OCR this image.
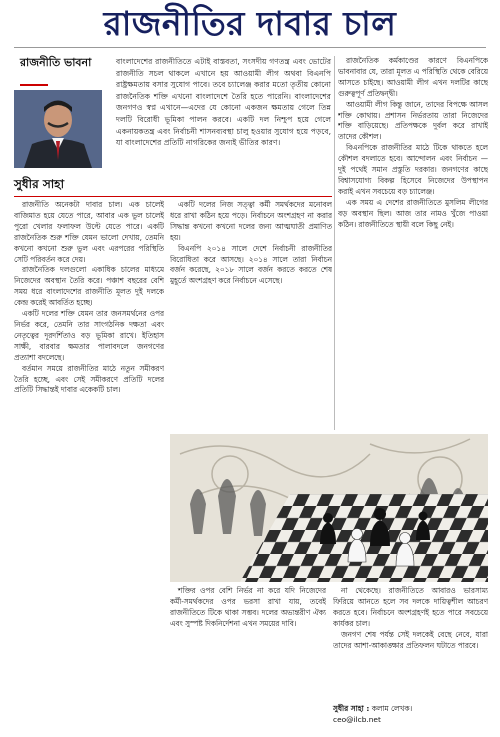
রাজনীতির দাবার চাল
রাজনীতি ভাবনা	বাংলাদেশের রাজনীতিতে এটাই বাস্তবতা, সংসদীয় গণতন্ত্র এবং ভোটের রাজনীতি সচল থাকলে এখানে হয় আওয়ামী লীগ অথবা বিএনপি রাষ্ট্রক্ষমতায় বসার সুযোগ পাবে। তবে চ্যালেঞ্জ করার মতো তৃতীয় কোনো রাজনৈতিক শক্তি এখনো বাংলাদেশে তৈরি হতে পারেনি। বাংলাদেশের জনগণও স্বপ্ন এখানে—এদের যে কোনো একজন ক্ষমতায় গেলে তিন্ন দলটি বিরোধী ভূমিকা পালন করবে। একটি দল নিশ্চুপ হয়ে গেলে একনায়কতন্ত্র এবং নির্বাচনী শাসনব্যবস্থা চালু হওয়ার সুযোগ হয়ে পড়বে, যা বাংলাদেশের প্রতিটি নাগরিকের জন্যই ভীতির কারণ।
সুধীর সাহা
রাজনীতি অনেকটা দাবার চাল। এক চালেই বাজিমাত হয়ে যেতে পারে, আবার এক ভুল চালেই পুরো খেলার ফলাফল উল্টে যেতে পারে। একটি রাজনৈতিক শুরু শক্তি যেমন ভালো দেখায়, তেমনি কখনো কখনো শুরু ভুল এবং এরপরের পরিস্থিতি সেটি পরিবর্তন করে দেয়।
রাজনৈতিক দলগুলো একাধিক চালের মাধ্যমে নিজেদের অবস্থান তৈরি করে। পঞ্চাশ বছরের বেশি সময় ধরে বাংলাদেশের রাজনীতি মূলত দুই দলকে কেন্দ্র করেই আবর্তিত হচ্ছে।
একটি দলের শক্তি যেমন তার জনসমর্থনের ওপর নির্ভর করে, তেমনি তার সাংগঠনিক দক্ষতা এবং নেতৃত্বের দূরদর্শিতাও বড় ভূমিকা রাখে। ইতিহাস সাক্ষী, বারবার ক্ষমতার পালাবদলে জনগণের প্রত্যাশা বদলেছে।
বর্তমান সময়ে রাজনীতির মাঠে নতুন সমীকরণ তৈরি হচ্ছে, এবং সেই সমীকরণে প্রতিটি দলের প্রতিটি সিদ্ধান্তই দাবার একেকটি চাল।
একটি দলের নিজ সত্ত্বা কর্মী সমর্থকদের মনোবল ধরে রাখা কঠিন হয়ে পড়ে। নির্বাচনে অংশগ্রহণ না করার সিদ্ধান্ত কখনো কখনো দলের জন্য আত্মঘাতী প্রমাণিত হয়।
বিএনপি ২০১৪ সালে দেশে নির্বাচনী রাজনীতির বিরোধিতা করে আসছে। ২০১৪ সালে তারা নির্বাচন বর্জন করেছে, ২০১৮ সালে বর্জন করতে করতে শেষ মুহূর্তে অংশগ্রহণ করে নির্বাচনে এসেছে।
রাজনৈতিক কর্মকাণ্ডের কারণে বিএনপিকে ভাবনাবার যে, তারা মূলত এ পরিস্থিতি থেকে বেরিয়ে আসতে চাইছে। আওয়ামী লীগ এখন দলটির কাছে গুরুত্বপূর্ণ প্রতিদ্বন্দ্বী।
আওয়ামী লীগ কিন্তু জানে, তাদের বিপক্ষে আসল শক্তি কোথায়। প্রশাসন নির্ভরতায় তারা নিজেদের শক্তি বাড়িয়েছে। প্রতিপক্ষকে দুর্বল করে রাখাই তাদের কৌশল।
বিএনপিকে রাজনীতির মাঠে টিকে থাকতে হলে কৌশল বদলাতে হবে। আন্দোলন এবং নির্বাচন — দুই পথেই সমান প্রস্তুতি দরকার। জনগণের কাছে বিশ্বাসযোগ্য বিকল্প হিসেবে নিজেদের উপস্থাপন করাই এখন সবচেয়ে বড় চ্যালেঞ্জ।
এক সময় এ দেশের রাজনীতিতে মুসলিম লীগের বড় অবস্থান ছিল। আজ তার নামও খুঁজে পাওয়া কঠিন। রাজনীতিতে স্থায়ী বলে কিছু নেই।
শক্তির ওপর বেশি নির্ভর না করে যদি নিজেদের কর্মী-সমর্থকদের ওপর ভরসা রাখা যায়, তবেই রাজনীতিতে টিকে থাকা সম্ভব। দলের অভ্যন্তরীণ ঐক্য এবং সুস্পষ্ট দিকনির্দেশনা এখন সময়ের দাবি।
না থেকেছে। রাজনীতিতে আবারও ভারসাম্য ফিরিয়ে আনতে হলে সব দলকে দায়িত্বশীল আচরণ করতে হবে। নির্বাচনে অংশগ্রহণই হতে পারে সবচেয়ে কার্যকর চাল।
জনগণ শেষ পর্যন্ত সেই দলকেই বেছে নেবে, যারা তাদের আশা-আকাঙ্ক্ষার প্রতিফলন ঘটাতে পারবে।
সুধীর সাহা : কলাম লেখক।
ceo@ilcb.net
